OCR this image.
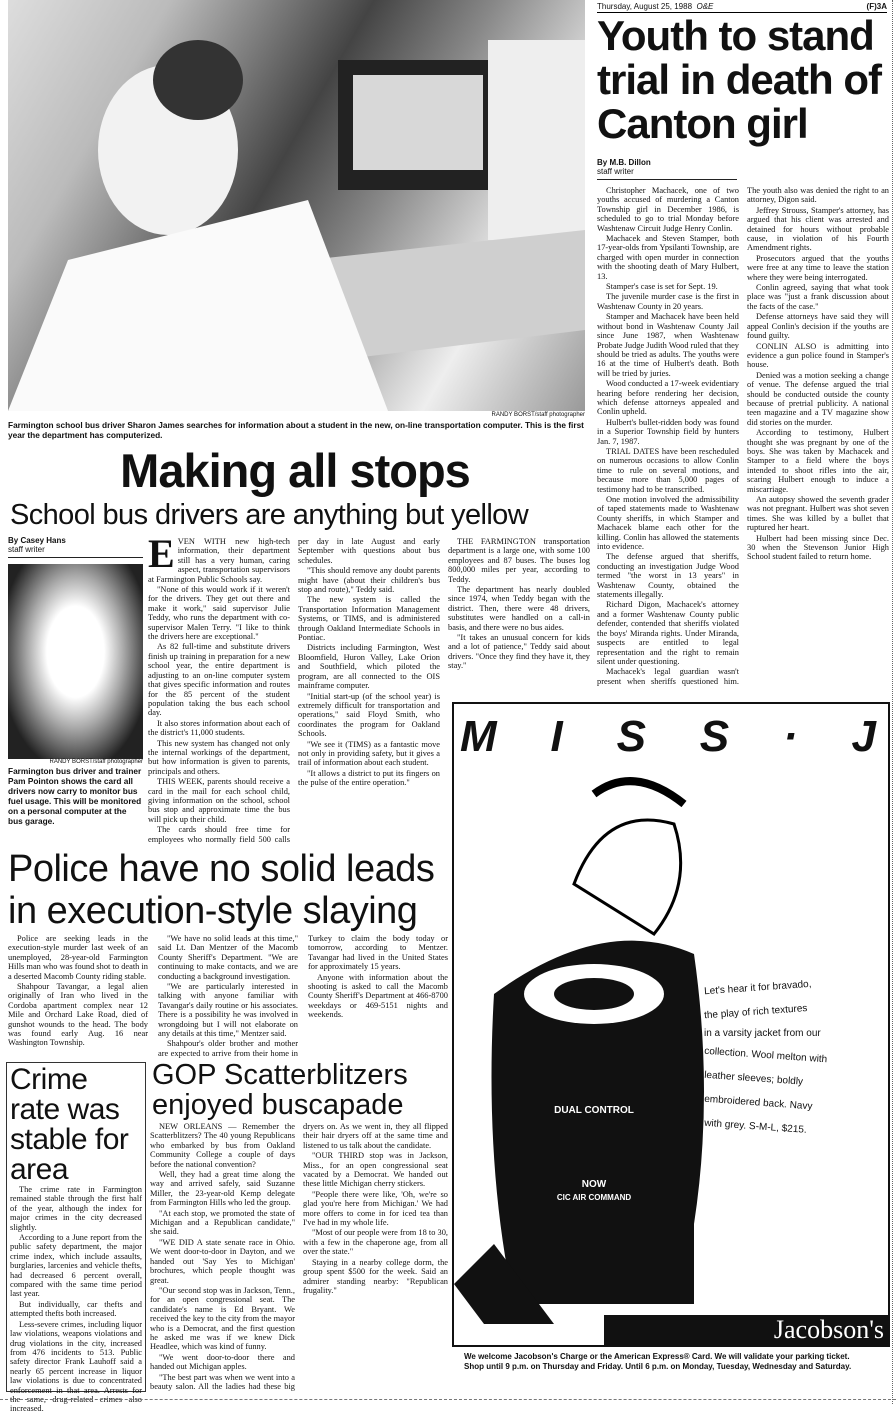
Thursday, August 25, 1988 O&E	(F)3A
RANDY BORST/staff photographer
Farmington school bus driver Sharon James searches for information about a student in the new, on-line transportation computer. This is the first year the department has computerized.
Youth to stand trial in death of Canton girl
By M.B. Dillon
staff writer

Christopher Machacek, one of two youths accused of murdering a Canton Township girl in December 1986, is scheduled to go to trial Monday before Washtenaw Circuit Judge Henry Conlin.

Machacek and Steven Stamper, both 17-year-olds from Ypsilanti Township, are charged with open murder in connection with the shooting death of Mary Hulbert, 13.

Stamper's case is set for Sept. 19.

The juvenile murder case is the first in Washtenaw County in 20 years.

Stamper and Machacek have been held without bond in Washtenaw County Jail since June 1987, when Washtenaw Probate Judge Judith Wood ruled that they should be tried as adults. The youths were 16 at the time of Hulbert's death. Both will be tried by juries.

Wood conducted a 17-week evidentiary hearing before rendering her decision, which defense attorneys appealed and Conlin upheld.

Hulbert's bullet-ridden body was found in a Superior Township field by hunters Jan. 7, 1987.

TRIAL DATES have been rescheduled on numerous occasions to allow Conlin time to rule on several motions, and because more than 5,000 pages of testimony had to be transcribed.

One motion involved the admissibility of taped statements made to Washtenaw County sheriffs, in which Stamper and Machacek blame each other for the killing. Conlin has allowed the statements into evidence.

The defense argued that sheriffs, conducting an investigation Judge Wood termed "the worst in 13 years" in Washtenaw County, obtained the statements illegally.

Richard Digon, Machacek's attorney and a former Washtenaw County public defender, contended that sheriffs violated the boys' Miranda rights. Under Miranda, suspects are entitled to legal representation and the right to remain silent under questioning.

Machacek's legal guardian wasn't present when sheriffs questioned him. The youth also was denied the right to an attorney, Digon said.

Jeffrey Strouss, Stamper's attorney, has argued that his client was arrested and detained for hours without probable cause, in violation of his Fourth Amendment rights.

Prosecutors argued that the youths were free at any time to leave the station where they were being interrogated.

Conlin agreed, saying that what took place was "just a frank discussion about the facts of the case."

Defense attorneys have said they will appeal Conlin's decision if the youths are found guilty.

CONLIN ALSO is admitting into evidence a gun police found in Stamper's house.

Denied was a motion seeking a change of venue. The defense argued the trial should be conducted outside the county because of pretrial publicity. A national teen magazine and a TV magazine show did stories on the murder.

According to testimony, Hulbert thought she was pregnant by one of the boys. She was taken by Machacek and Stamper to a field where the boys intended to shoot rifles into the air, scaring Hulbert enough to induce a miscarriage.

An autopsy showed the seventh grader was not pregnant. Hulbert was shot seven times. She was killed by a bullet that ruptured her heart.

Hulbert had been missing since Dec. 30 when the Stevenson Junior High School student failed to return home.

Making all stops
School bus drivers are anything but yellow
By Casey Hans
staff writer
RANDY BORST/staff photographer
Farmington bus driver and trainer Pam Pointon shows the card all drivers now carry to monitor bus fuel usage. This will be monitored on a personal computer at the bus garage.

EVEN WITH new high-tech information, their department still has a very human, caring aspect, transportation supervisors at Farmington Public Schools say.

"None of this would work if it weren't for the drivers. They get out there and make it work," said supervisor Julie Teddy, who runs the department with co-supervisor Malen Terry. "I like to think the drivers here are exceptional."

As 82 full-time and substitute drivers finish up training in preparation for a new school year, the entire department is adjusting to an on-line computer system that gives specific information and routes for the 85 percent of the student population taking the bus each school day.

It also stores information about each of the district's 11,000 students.

This new system has changed not only the internal workings of the department, but how information is given to parents, principals and others.

THIS WEEK, parents should receive a card in the mail for each school child, giving information on the school, school bus stop and approximate time the bus will pick up their child.

The cards should free time for employees who normally field 500 calls per day in late August and early September with questions about bus schedules.

"This should remove any doubt parents might have (about their children's bus stop and route)," Teddy said.

The new system is called the Transportation Information Management Systems, or TIMS, and is administered through Oakland Intermediate Schools in Pontiac.

Districts including Farmington, West Bloomfield, Huron Valley, Lake Orion and Southfield, which piloted the program, are all connected to the OIS mainframe computer.

"Initial start-up (of the school year) is extremely difficult for transportation and operations," said Floyd Smith, who coordinates the program for Oakland Schools.

"We see it (TIMS) as a fantastic move not only in providing safety, but it gives a trail of information about each student.

"It allows a district to put its fingers on the pulse of the entire operation."

THE FARMINGTON transportation department is a large one, with some 100 employees and 87 buses. The buses log 800,000 miles per year, according to Teddy.

The department has nearly doubled since 1974, when Teddy began with the district. Then, there were 48 drivers, substitutes were handled on a call-in basis, and there were no bus aides.

"It takes an unusual concern for kids and a lot of patience," Teddy said about drivers. "Once they find they have it, they stay."

Police have no solid leads in execution-style slaying

Police are seeking leads in the execution-style murder last week of an unemployed, 28-year-old Farmington Hills man who was found shot to death in a deserted Macomb County riding stable.

Shahpour Tavangar, a legal alien originally of Iran who lived in the Cordoba apartment complex near 12 Mile and Orchard Lake Road, died of gunshot wounds to the head. The body was found early Aug. 16 near Washington Township.

"We have no solid leads at this time," said Lt. Dan Mentzer of the Macomb County Sheriff's Department. "We are continuing to make contacts, and we are conducting a background investigation.

"We are particularly interested in talking with anyone familiar with Tavangar's daily routine or his associates. There is a possibility he was involved in wrongdoing but I will not elaborate on any details at this time," Mentzer said.

Shahpour's older brother and mother are expected to arrive from their home in Turkey to claim the body today or tomorrow, according to Mentzer. Tavangar had lived in the United States for approximately 15 years.

Anyone with information about the shooting is asked to call the Macomb County Sheriff's Department at 466-8700 weekdays or 469-5151 nights and weekends.

Crime rate was stable for area

The crime rate in Farmington remained stable through the first half of the year, although the index for major crimes in the city decreased slightly.

According to a June report from the public safety department, the major crime index, which include assaults, burglaries, larcenies and vehicle thefts, had decreased 6 percent overall, compared with the same time period last year.

But individually, car thefts and attempted thefts both increased.

Less-severe crimes, including liquor law violations, weapons violations and drug violations in the city, increased from 476 incidents to 513. Public safety director Frank Lauhoff said a nearly 65 percent increase in liquor law violations is due to concentrated enforcement in that area. Arrests for the same, drug-related crimes also increased.

GOP Scatterblitzers enjoyed buscapade

NEW ORLEANS — Remember the Scatterblitzers? The 40 young Republicans who embarked by bus from Oakland Community College a couple of days before the national convention?

Well, they had a great time along the way and arrived safely, said Suzanne Miller, the 23-year-old Kemp delegate from Farmington Hills who led the group.

"At each stop, we promoted the state of Michigan and a Republican candidate," she said.

"WE DID A state senate race in Ohio. We went door-to-door in Dayton, and we handed out 'Say Yes to Michigan' brochures, which people thought was great.

"Our second stop was in Jackson, Tenn., for an open congressional seat. The candidate's name is Ed Bryant. We received the key to the city from the mayor who is a Democrat, and the first question he asked me was if we knew Dick Headlee, which was kind of funny.

"We went door-to-door there and handed out Michigan apples.

"The best part was when we went into a beauty salon. All the ladies had these big dryers on. As we went in, they all flipped their hair dryers off at the same time and listened to us talk about the candidate.

"OUR THIRD stop was in Jackson, Miss., for an open congressional seat vacated by a Democrat. We handed out these little Michigan cherry stickers.

"People there were like, 'Oh, we're so glad you're here from Michigan.' We had more offers to come in for iced tea than I've had in my whole life.

"Most of our people were from 18 to 30, with a few in the chaperone age, from all over the state."

Staying in a nearby college dorm, the group spent $500 for the week. Said an admirer standing nearby: "Republican frugality."

M I S S · J
DUAL CONTROL
NOW
CIC AIR COMMAND
Let's hear it for bravado,
the play of rich textures
in a varsity jacket from our
collection. Wool melton with
leather sleeves; boldly
embroidered back. Navy
with grey. S-M-L, $215.
Jacobson's
We welcome Jacobson's Charge or the American Express® Card. We will validate your parking ticket.
Shop until 9 p.m. on Thursday and Friday. Until 6 p.m. on Monday, Tuesday, Wednesday and Saturday.
